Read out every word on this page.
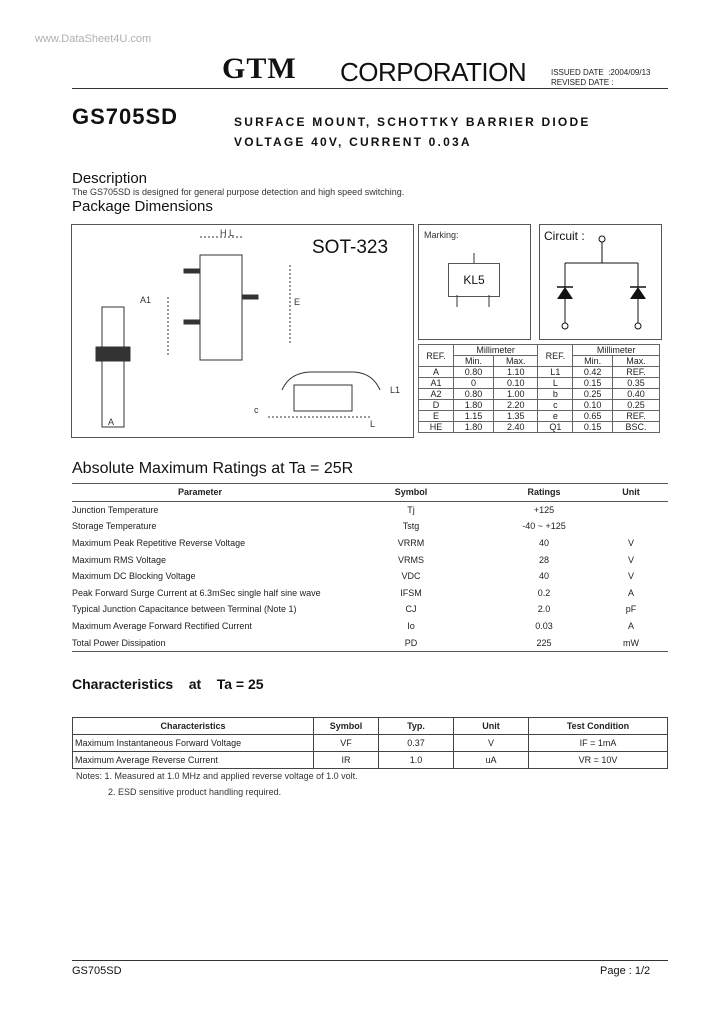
www.DataSheet4U.com
GTM CORPORATION	ISSUED DATE :2004/09/13
REVISED DATE :
GS705SD	SURFACE MOUNT, SCHOTTKY BARRIER DIODE
VOLTAGE 40V, CURRENT 0.03A
Description
The GS705SD is designed for general purpose detection and high speed switching.
Package Dimensions
H L
A1
A
E
c
L1
L
SOT-323
Marking:
KL5
Circuit :
REF.	Millimeter		REF.	Millimeter	
	Min.	Max.		Min.	Max.
A	0.80	1.10	L1	0.42	REF.
A1	0	0.10	L	0.15	0.35
A2	0.80	1.00	b	0.25	0.40
D	1.80	2.20	c	0.10	0.25
E	1.15	1.35	e	0.65	REF.
HE	1.80	2.40	Q1	0.15	BSC.
Absolute Maximum Ratings at Ta = 25R
Parameter	Symbol	Ratings	Unit
Junction Temperature	Tj	+125	
Storage Temperature	Tstg	-40 ~ +125	
Maximum Peak Repetitive Reverse Voltage	VRRM	40	V
Maximum RMS Voltage	VRMS	28	V
Maximum DC Blocking Voltage	VDC	40	V
Peak Forward Surge Current at 6.3mSec single half sine wave	IFSM	0.2	A
Typical Junction Capacitance between Terminal (Note 1)	CJ	2.0	pF
Maximum Average Forward Rectified Current	Io	0.03	A
Total Power Dissipation	PD	225	mW
Characteristics    at    Ta = 25
Characteristics	Symbol	Typ.	Unit	Test Condition
Maximum Instantaneous Forward Voltage	VF	0.37	V	IF = 1mA
Maximum Average Reverse Current	IR	1.0	uA	VR = 10V
Notes: 1. Measured at 1.0 MHz and applied reverse voltage of 1.0 volt.
2. ESD sensitive product handling required.
GS705SD	Page : 1/2
